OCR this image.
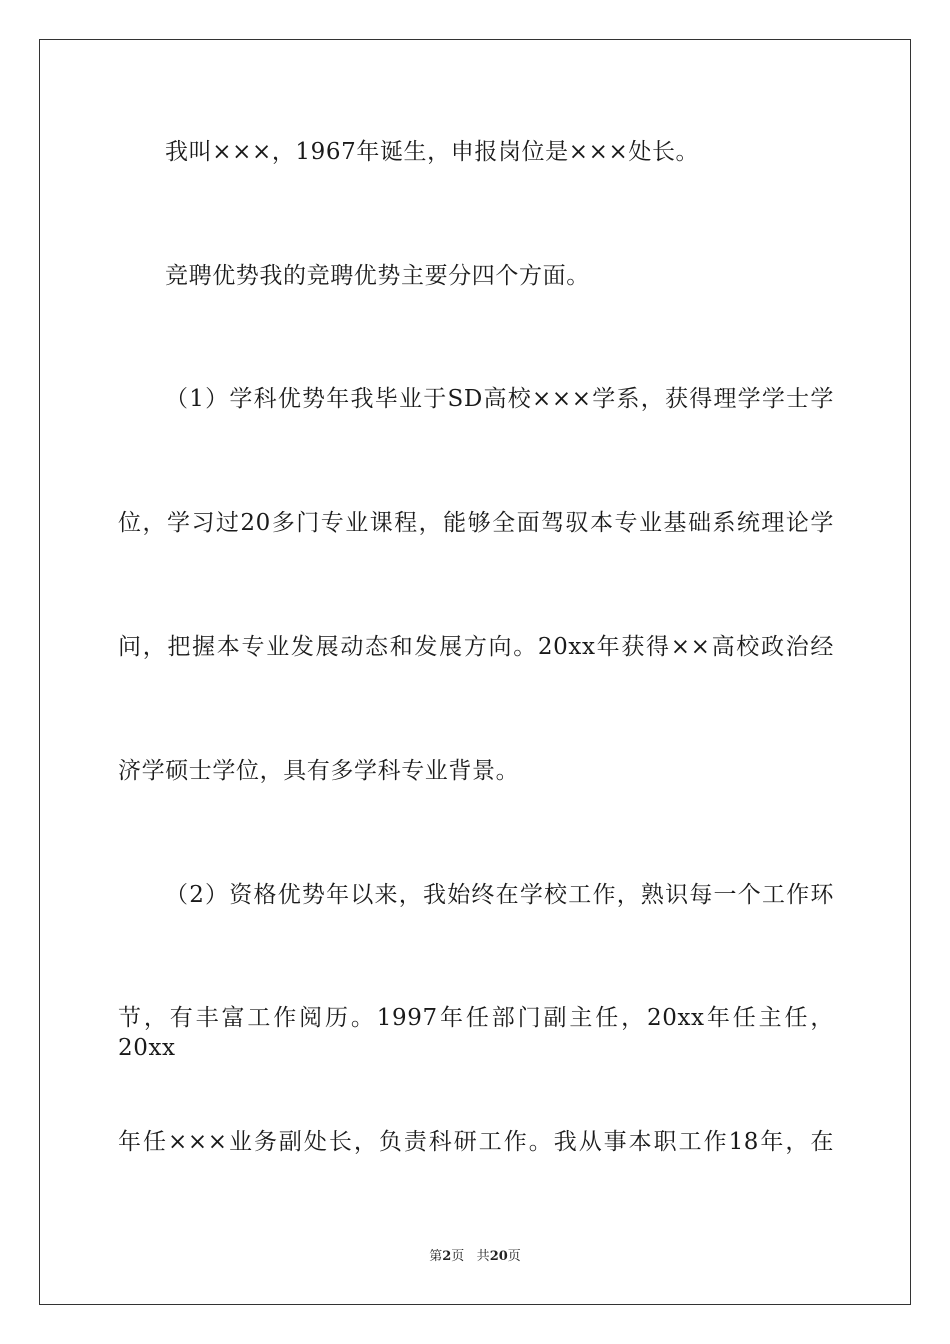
我叫×××，1967年诞生，申报岗位是×××处长。
竞聘优势我的竞聘优势主要分四个方面。
（1）学科优势年我毕业于SD高校×××学系，获得理学学士学
位，学习过20多门专业课程，能够全面驾驭本专业基础系统理论学
问，把握本专业发展动态和发展方向。20xx年获得××高校政治经
济学硕士学位，具有多学科专业背景。
（2）资格优势年以来，我始终在学校工作，熟识每一个工作环
节，有丰富工作阅历。1997年任部门副主任，20xx年任主任，20xx
年任×××业务副处长，负责科研工作。我从事本职工作18年，在
第2页 共20页
